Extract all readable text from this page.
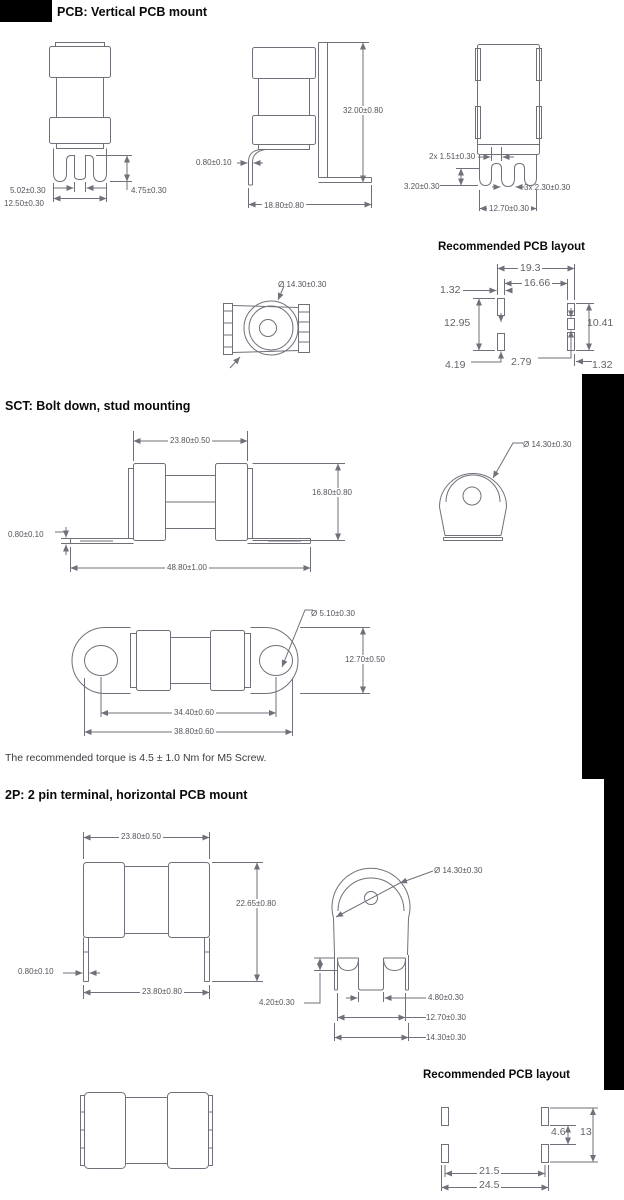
PCB: Vertical PCB mount
5.02±0.30	4.75±0.30
12.50±0.30
0.80±0.10
18.80±0.80
32.00±0.80
2x 1.51±0.30
3.20±0.30	3x 2.30±0.30
12.70±0.30
Ø 14.30±0.30
Recommended PCB layout
19.3
16.66
1.32
12.95	10.41
4.19	2.79	1.32
SCT: Bolt down, stud mounting
23.80±0.50
16.80±0.80
0.80±0.10
48.80±1.00
Ø 14.30±0.30
Ø 5.10±0.30
12.70±0.50
34.40±0.60
38.80±0.60
The recommended torque is 4.5 ± 1.0 Nm for M5 Screw.
2P: 2 pin terminal, horizontal PCB mount
23.80±0.50
22.65±0.80
0.80±0.10
23.80±0.80
4.20±0.30
Ø 14.30±0.30
4.80±0.30
12.70±0.30
14.30±0.30
Recommended PCB layout
4.6 13
21.5
24.5
